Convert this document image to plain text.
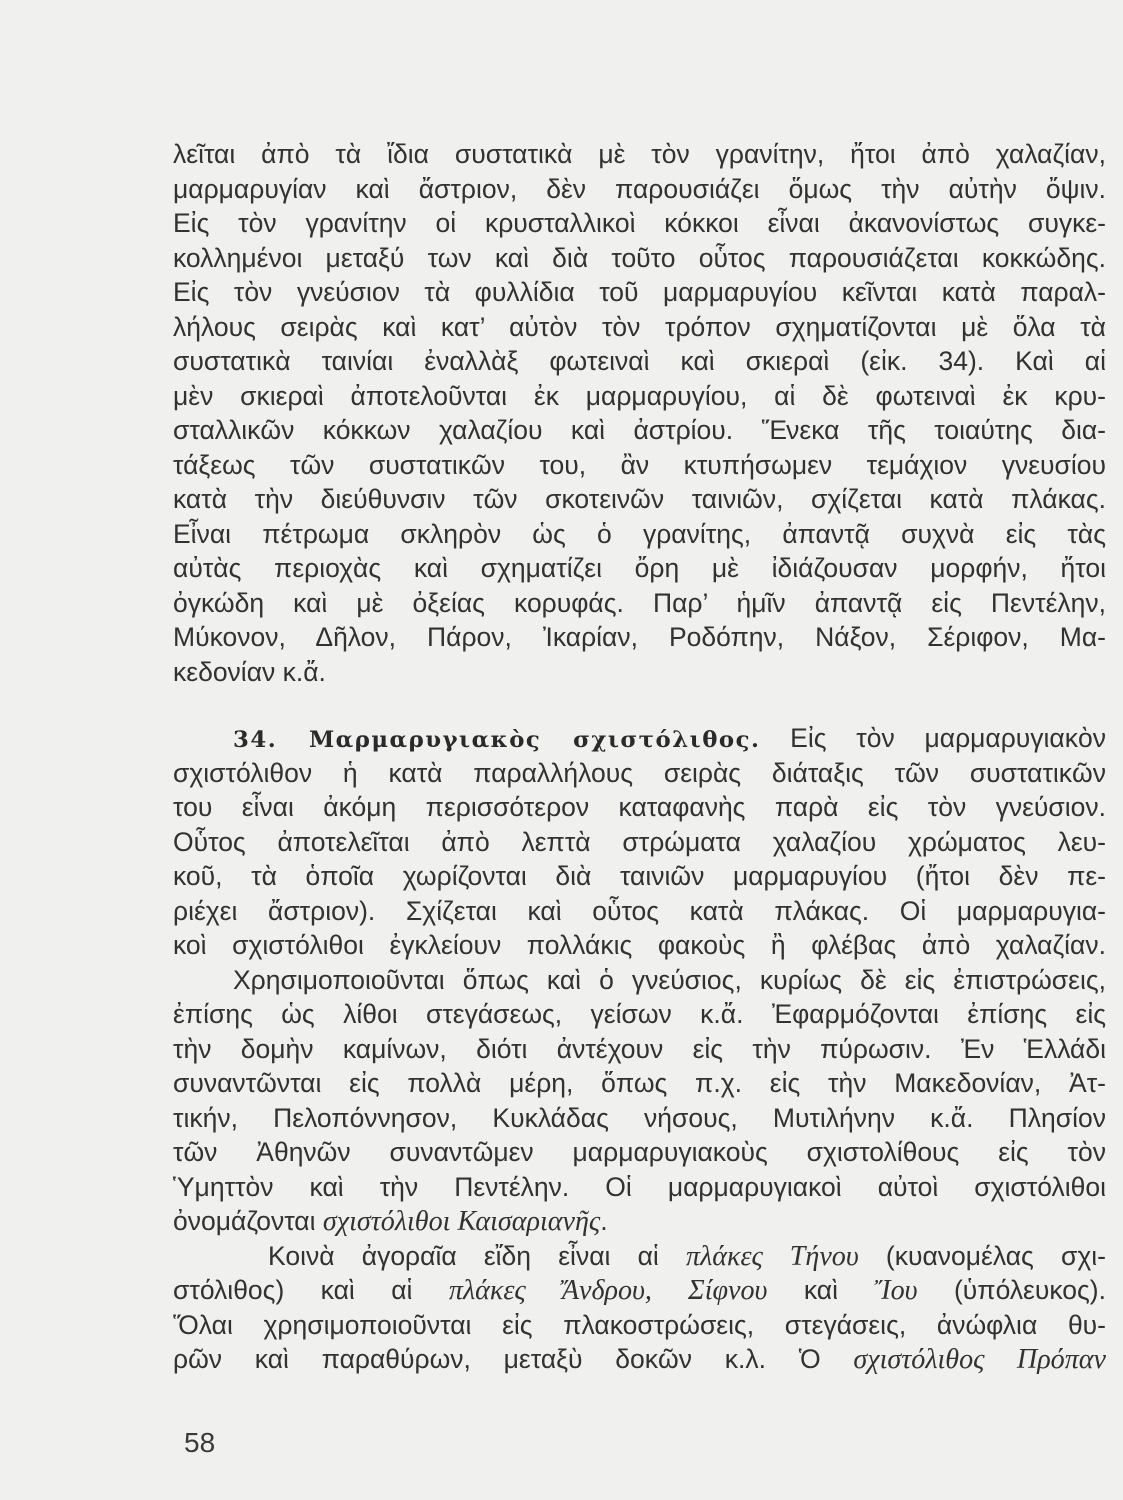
λεῖται ἀπὸ τὰ ἴδια συστατικὰ μὲ τὸν γρανίτην, ἤτοι ἀπὸ χαλαζίαν,
μαρμαρυγίαν καὶ ἄστριον, δὲν παρουσιάζει ὅμως τὴν αὐτὴν ὄψιν.
Εἰς τὸν γρανίτην οἱ κρυσταλλικοὶ κόκκοι εἶναι ἀκανονίστως συγκε-
κολλημένοι μεταξύ των καὶ διὰ τοῦτο οὗτος παρουσιάζεται κοκκώδης.
Εἰς τὸν γνεύσιον τὰ φυλλίδια τοῦ μαρμαρυγίου κεῖνται κατὰ παραλ-
λήλους σειρὰς καὶ κατ’ αὐτὸν τὸν τρόπον σχηματίζονται μὲ ὅλα τὰ
συστατικὰ ταινίαι ἐναλλὰξ φωτειναὶ καὶ σκιεραὶ (εἰκ. 34). Καὶ αἱ
μὲν σκιεραὶ ἀποτελοῦνται ἐκ μαρμαρυγίου, αἱ δὲ φωτειναὶ ἐκ κρυ-
σταλλικῶν κόκκων χαλαζίου καὶ ἀστρίου. Ἕνεκα τῆς τοιαύτης δια-
τάξεως τῶν συστατικῶν του, ἂν κτυπήσωμεν τεμάχιον γνευσίου
κατὰ τὴν διεύθυνσιν τῶν σκοτεινῶν ταινιῶν, σχίζεται κατὰ πλάκας.
Εἶναι πέτρωμα σκληρὸν ὡς ὁ γρανίτης, ἀπαντᾷ συχνὰ εἰς τὰς
αὐτὰς περιοχὰς καὶ σχηματίζει ὄρη μὲ ἰδιάζουσαν μορφήν, ἤτοι
ὀγκώδη καὶ μὲ ὀξείας κορυφάς. Παρ’ ἡμῖν ἀπαντᾷ εἰς Πεντέλην,
Μύκονον, Δῆλον, Πάρον, Ἰκαρίαν, Ροδόπην, Νάξον, Σέριφον, Μα-
κεδονίαν κ.ἄ.
34. Μαρμαρυγιακὸς σχιστόλιθος. Εἰς τὸν μαρμαρυγιακὸν
σχιστόλιθον ἡ κατὰ παραλλήλους σειρὰς διάταξις τῶν συστατικῶν
του εἶναι ἀκόμη περισσότερον καταφανὴς παρὰ εἰς τὸν γνεύσιον.
Οὗτος ἀποτελεῖται ἀπὸ λεπτὰ στρώματα χαλαζίου χρώματος λευ-
κοῦ, τὰ ὁποῖα χωρίζονται διὰ ταινιῶν μαρμαρυγίου (ἤτοι δὲν πε-
ριέχει ἄστριον). Σχίζεται καὶ οὗτος κατὰ πλάκας. Οἱ μαρμαρυγια-
κοὶ σχιστόλιθοι ἐγκλείουν πολλάκις φακοὺς ἢ φλέβας ἀπὸ χαλαζίαν.
Χρησιμοποιοῦνται ὅπως καὶ ὁ γνεύσιος, κυρίως δὲ εἰς ἐπιστρώσεις,
ἐπίσης ὡς λίθοι στεγάσεως, γείσων κ.ἄ. Ἐφαρμόζονται ἐπίσης εἰς
τὴν δομὴν καμίνων, διότι ἀντέχουν εἰς τὴν πύρωσιν. Ἐν Ἑλλάδι
συναντῶνται εἰς πολλὰ μέρη, ὅπως π.χ. εἰς τὴν Μακεδονίαν, Ἀτ-
τικήν, Πελοπόννησον, Κυκλάδας νήσους, Μυτιλήνην κ.ἄ. Πλησίον
τῶν Ἀθηνῶν συναντῶμεν μαρμαρυγιακοὺς σχιστολίθους εἰς τὸν
Ὑμηττὸν καὶ τὴν Πεντέλην. Οἱ μαρμαρυγιακοὶ αὐτοὶ σχιστόλιθοι
ὀνομάζονται σχιστόλιθοι Καισαριανῆς.
Κοινὰ ἀγοραῖα εἴδη εἶναι αἱ πλάκες Τήνου (κυανομέλας σχι-
στόλιθος) καὶ αἱ πλάκες Ἄνδρου, Σίφνου καὶ Ἴου (ὑπόλευκος).
Ὅλαι χρησιμοποιοῦνται εἰς πλακοστρώσεις, στεγάσεις, ἀνώφλια θυ-
ρῶν καὶ παραθύρων, μεταξὺ δοκῶν κ.λ. Ὁ σχιστόλιθος Πρόπαν
58
